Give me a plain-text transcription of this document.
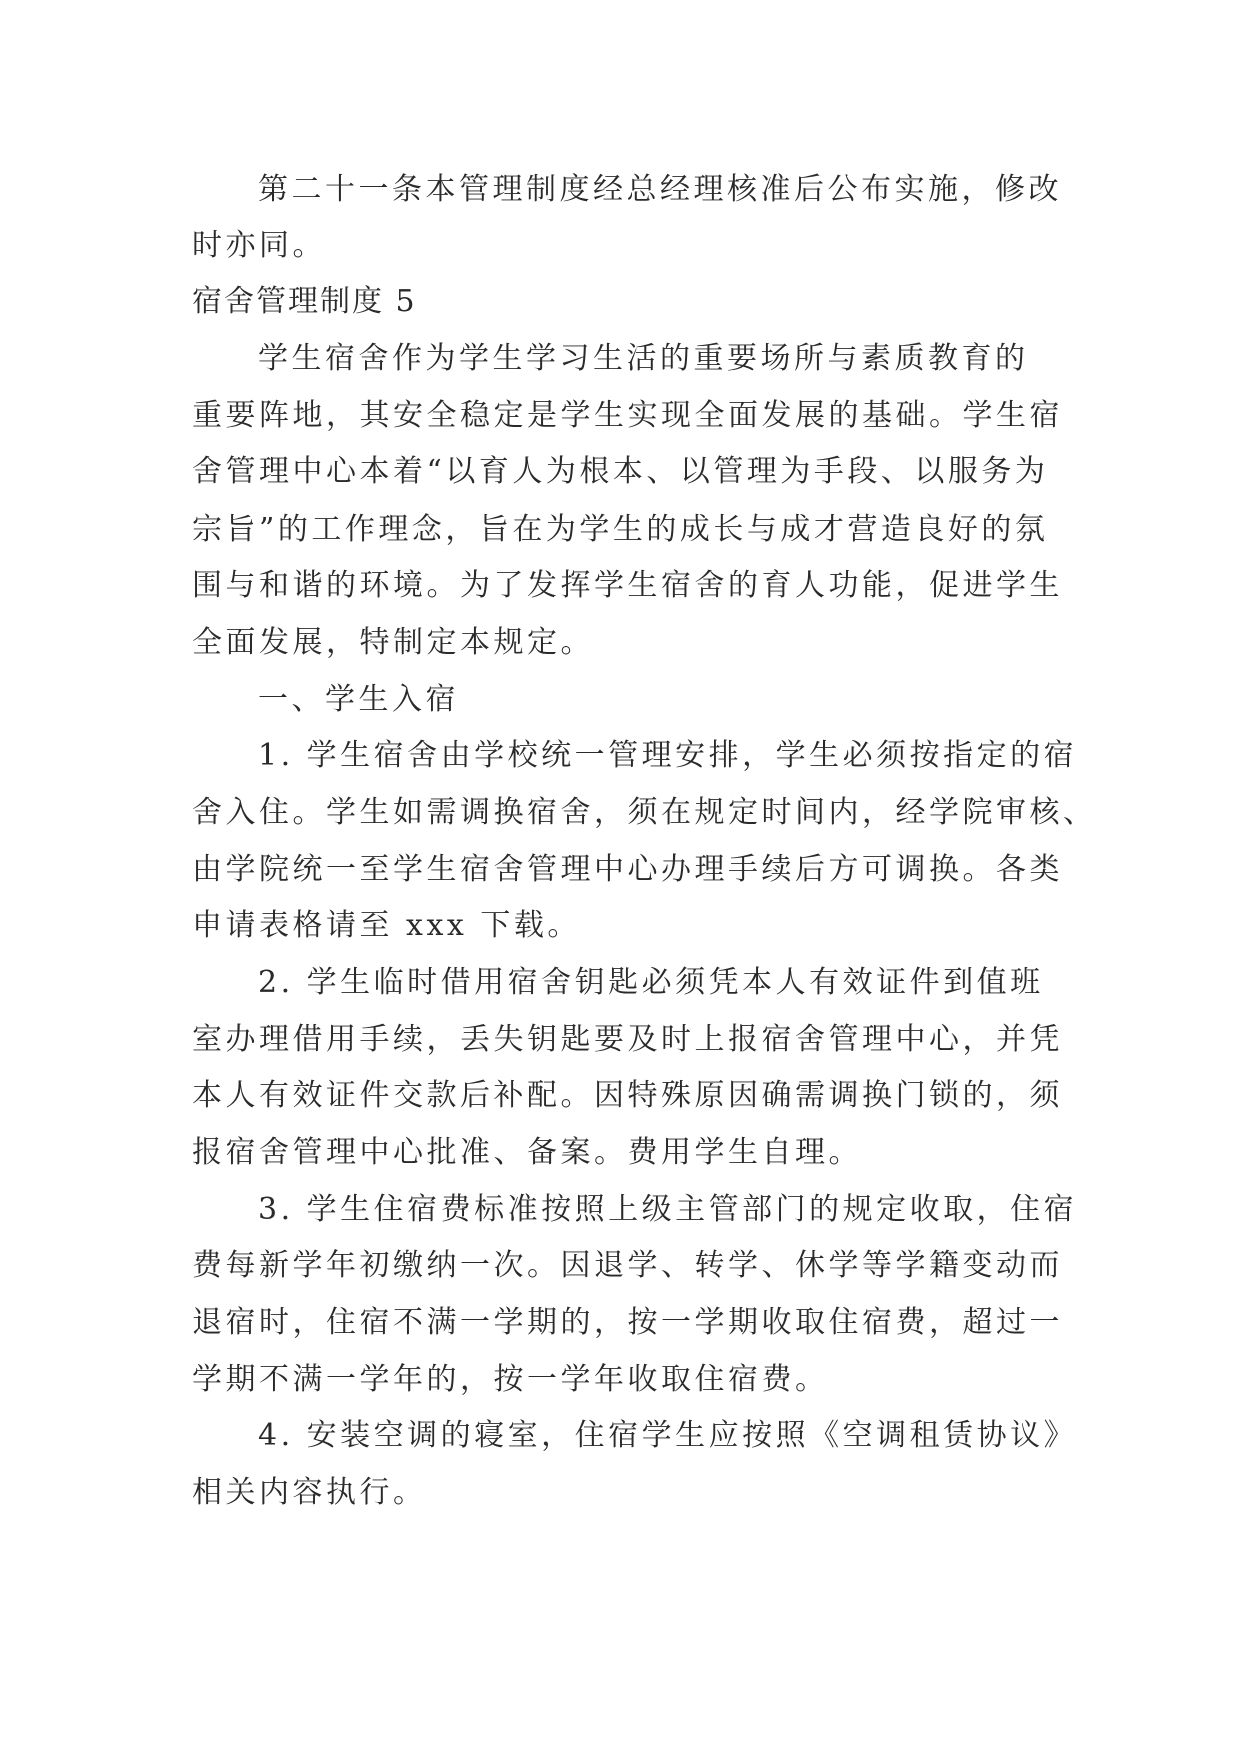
第二十一条本管理制度经总经理核准后公布实施，修改
时亦同。
宿舍管理制度 5
学生宿舍作为学生学习生活的重要场所与素质教育的
重要阵地，其安全稳定是学生实现全面发展的基础。学生宿
舍管理中心本着“以育人为根本、以管理为手段、以服务为
宗旨”的工作理念，旨在为学生的成长与成才营造良好的氛
围与和谐的环境。为了发挥学生宿舍的育人功能，促进学生
全面发展，特制定本规定。
一、学生入宿
1. 学生宿舍由学校统一管理安排，学生必须按指定的宿
舍入住。学生如需调换宿舍，须在规定时间内，经学院审核、
由学院统一至学生宿舍管理中心办理手续后方可调换。各类
申请表格请至 xxx 下载。
2. 学生临时借用宿舍钥匙必须凭本人有效证件到值班
室办理借用手续，丢失钥匙要及时上报宿舍管理中心，并凭
本人有效证件交款后补配。因特殊原因确需调换门锁的，须
报宿舍管理中心批准、备案。费用学生自理。
3. 学生住宿费标准按照上级主管部门的规定收取，住宿
费每新学年初缴纳一次。因退学、转学、休学等学籍变动而
退宿时，住宿不满一学期的，按一学期收取住宿费，超过一
学期不满一学年的，按一学年收取住宿费。
4. 安装空调的寝室，住宿学生应按照《空调租赁协议》
相关内容执行。
